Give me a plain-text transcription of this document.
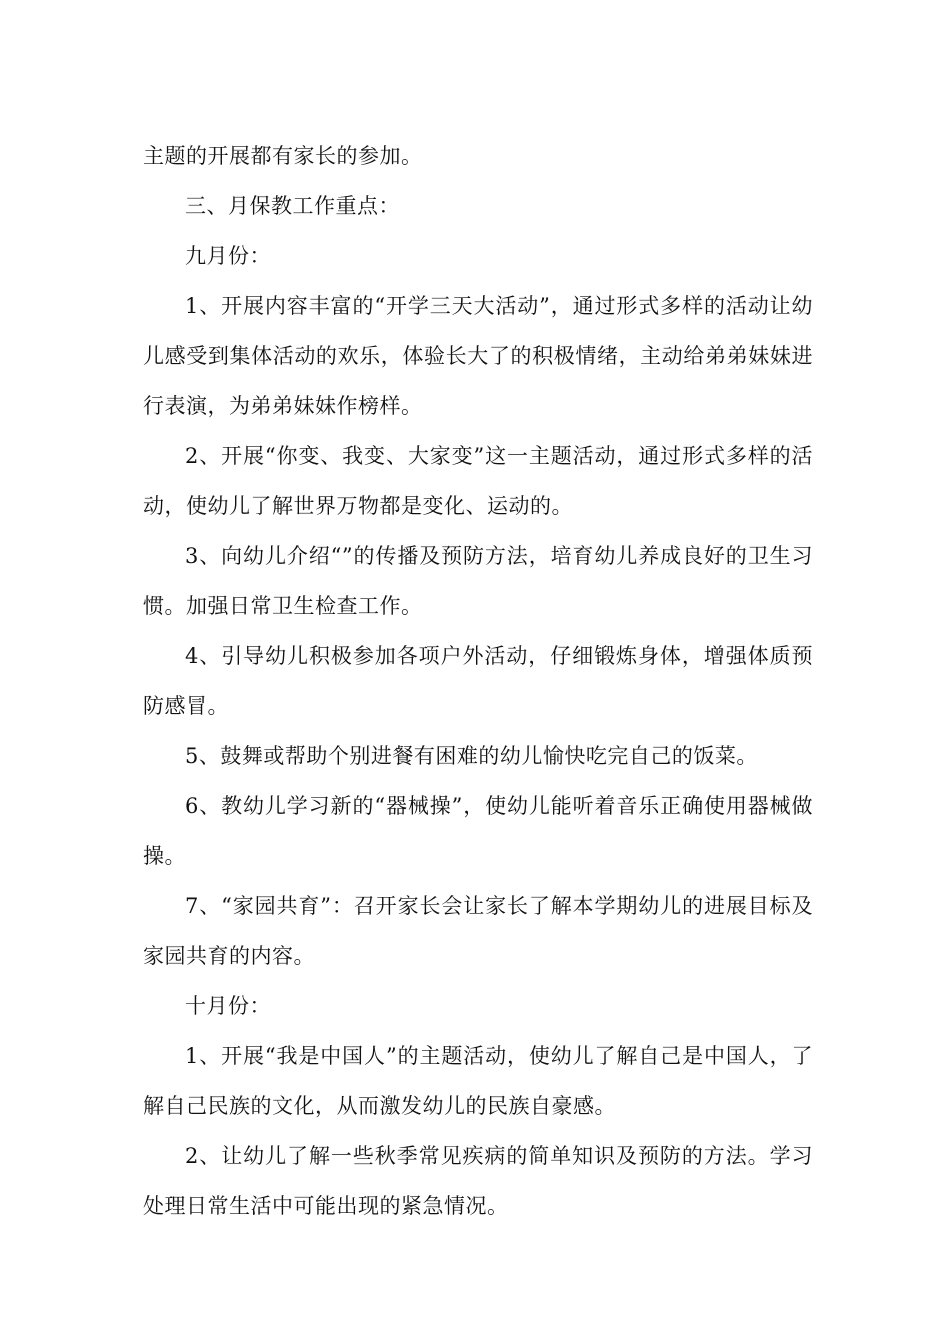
主题的开展都有家长的参加。

三、月保教工作重点：

九月份：

1、开展内容丰富的“开学三天大活动”，通过形式多样的活动让幼儿感受到集体活动的欢乐，体验长大了的积极情绪，主动给弟弟妹妹进行表演，为弟弟妹妹作榜样。

2、开展“你变、我变、大家变”这一主题活动，通过形式多样的活动，使幼儿了解世界万物都是变化、运动的。

3、向幼儿介绍“”的传播及预防方法，培育幼儿养成良好的卫生习惯。加强日常卫生检查工作。

4、引导幼儿积极参加各项户外活动，仔细锻炼身体，增强体质预防感冒。

5、鼓舞或帮助个别进餐有困难的幼儿愉快吃完自己的饭菜。

6、教幼儿学习新的“器械操”，使幼儿能听着音乐正确使用器械做操。

7、“家园共育”：召开家长会让家长了解本学期幼儿的进展目标及家园共育的内容。

十月份：

1、开展“我是中国人”的主题活动，使幼儿了解自己是中国人，了解自己民族的文化，从而激发幼儿的民族自豪感。

2、让幼儿了解一些秋季常见疾病的简单知识及预防的方法。学习处理日常生活中可能出现的紧急情况。
